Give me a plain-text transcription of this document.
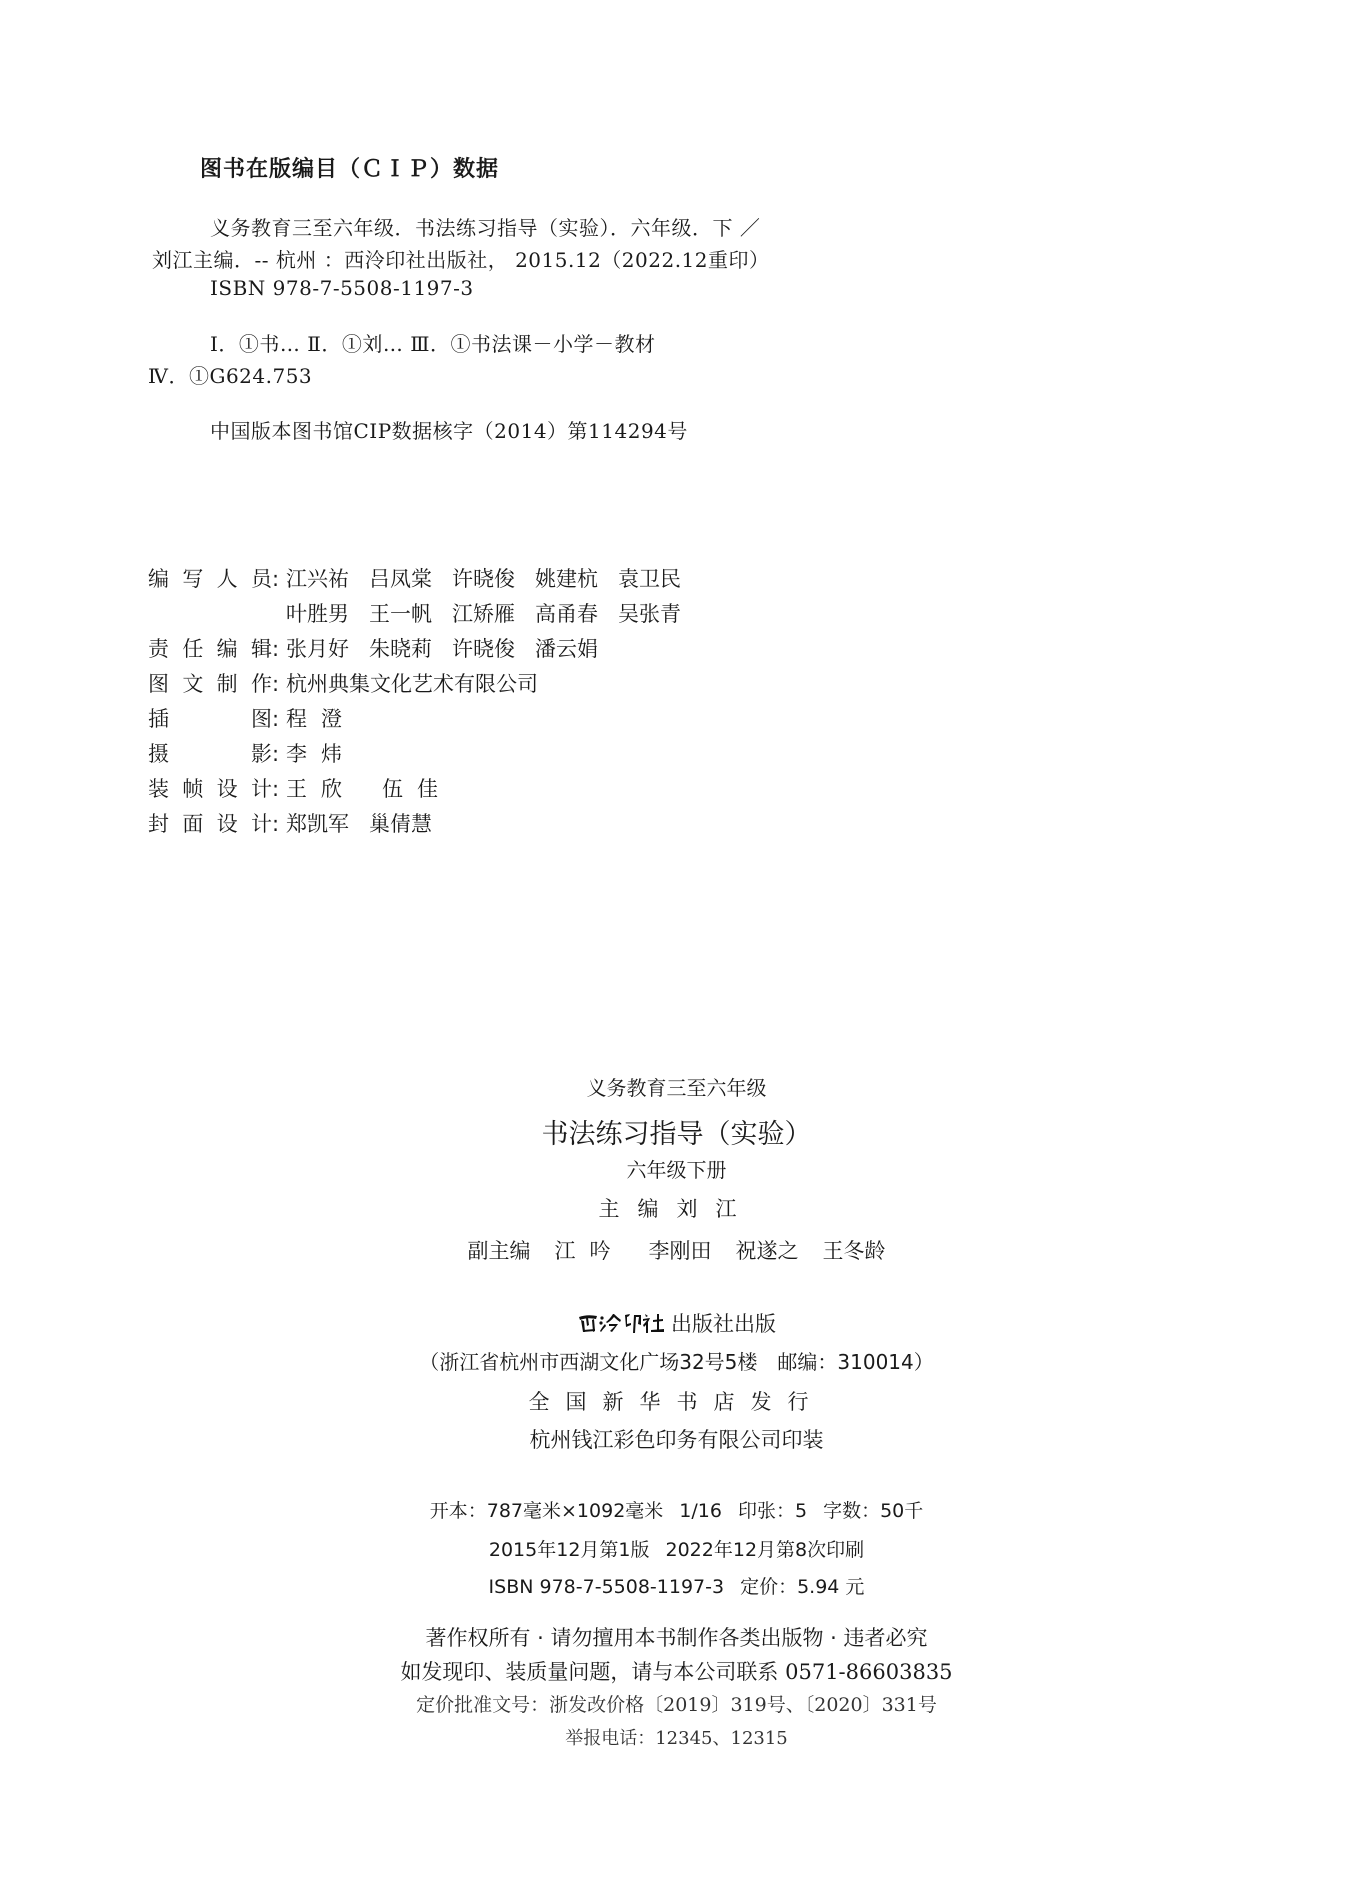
图书在版编目（ＣＩＰ）数据
义务教育三至六年级．书法练习指导（实验）．六年级．下 ／
刘江主编．-- 杭州 ：西泠印社出版社， 2015.12（2022.12重印）
ISBN 978-7-5508-1197-3
Ⅰ．①书… Ⅱ．①刘… Ⅲ．①书法课－小学－教材
Ⅳ．①G624.753
中国版本图书馆CIP数据核字（2014）第114294号
编写人员: 江兴祐 吕凤棠 许晓俊 姚建杭 袁卫民
叶胜男 王一帆 江矫雁 高甬春 吴张青
责任编辑: 张月好 朱晓莉 许晓俊 潘云娟
图文制作: 杭州典集文化艺术有限公司
插图: 程澄
摄影: 李炜
装帧设计: 王欣 伍佳
封面设计: 郑凯军 巢倩慧
义务教育三至六年级
书法练习指导（实验）
六年级下册
主编刘江
副主编 江吟 李刚田 祝遂之 王冬龄
出版社出版
（浙江省杭州市西湖文化广场32号5楼　邮编：310014）
全国新华书店发行
杭州钱江彩色印务有限公司印装
开本：787毫米×1092毫米 1/16 印张：5 字数：50千
2015年12月第1版 2022年12月第8次印刷
ISBN 978-7-5508-1197-3 定价：5.94 元
著作权所有 · 请勿擅用本书制作各类出版物 · 违者必究
如发现印、装质量问题，请与本公司联系 0571-86603835
定价批准文号：浙发改价格〔2019〕319号、〔2020〕331号
举报电话：12345、12315
